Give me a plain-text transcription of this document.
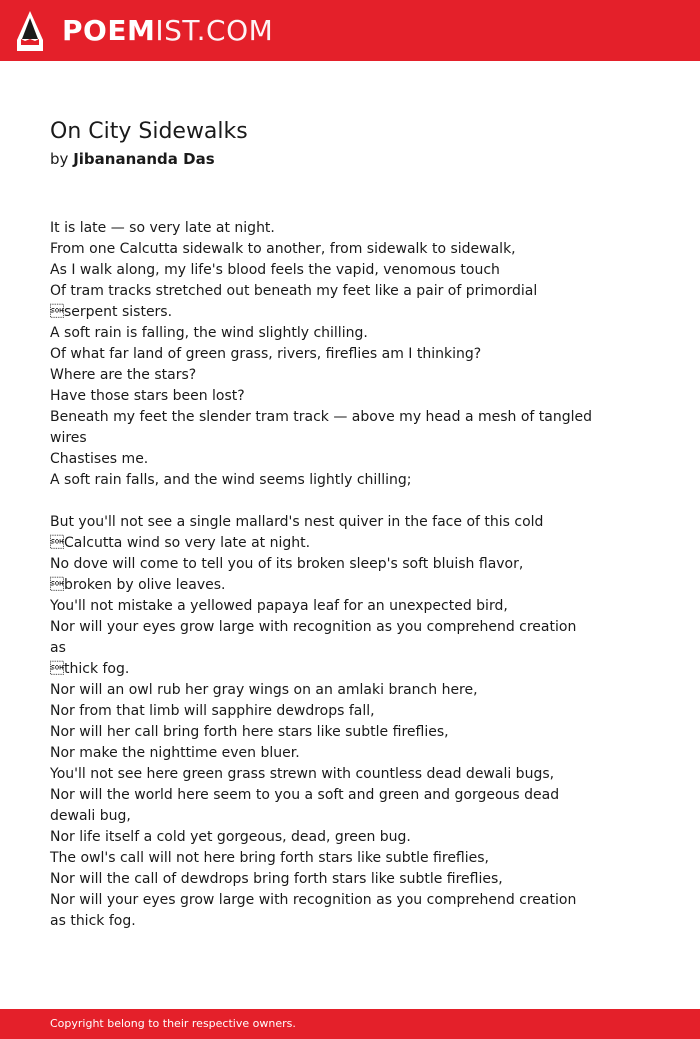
POEMIST.COM
On City Sidewalks
by Jibanananda Das
It is late — so very late at night.
From one Calcutta sidewalk to another, from sidewalk to sidewalk,
As I walk along, my life's blood feels the vapid, venomous touch
Of tram tracks stretched out beneath my feet like a pair of primordial
serpent sisters.
A soft rain is falling, the wind slightly chilling.
Of what far land of green grass, rivers, fireflies am I thinking?
Where are the stars?
Have those stars been lost?
Beneath my feet the slender tram track — above my head a mesh of tangled
wires
Chastises me.
A soft rain falls, and the wind seems lightly chilling;
But you'll not see a single mallard's nest quiver in the face of this cold
Calcutta wind so very late at night.
No dove will come to tell you of its broken sleep's soft bluish flavor,
broken by olive leaves.
You'll not mistake a yellowed papaya leaf for an unexpected bird,
Nor will your eyes grow large with recognition as you comprehend creation
as
thick fog.
Nor will an owl rub her gray wings on an amlaki branch here,
Nor from that limb will sapphire dewdrops fall,
Nor will her call bring forth here stars like subtle fireflies,
Nor make the nighttime even bluer.
You'll not see here green grass strewn with countless dead dewali bugs,
Nor will the world here seem to you a soft and green and gorgeous dead
dewali bug,
Nor life itself a cold yet gorgeous, dead, green bug.
The owl's call will not here bring forth stars like subtle fireflies,
Nor will the call of dewdrops bring forth stars like subtle fireflies,
Nor will your eyes grow large with recognition as you comprehend creation
as thick fog.
Copyright belong to their respective owners.
